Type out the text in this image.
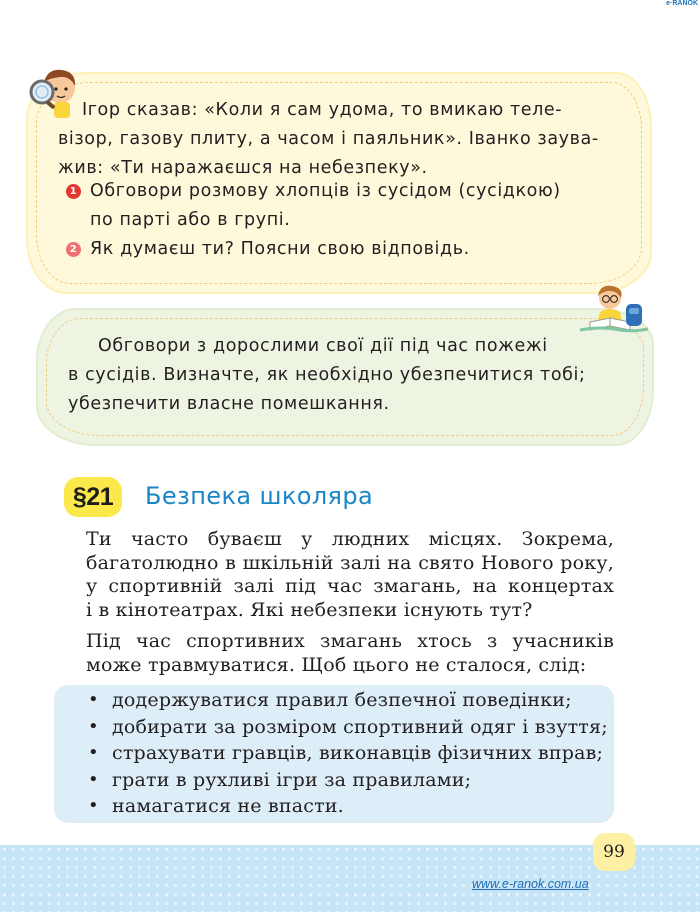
e·RANOK
Ігор сказав: «Коли я сам удома, то вмикаю теле-
візор, газову плиту, а часом і паяльник». Іванко заува-
жив: «Ти наражаєшся на небезпеку».
1 Обговори розмову хлопців із сусідом (сусідкою)
по парті або в групі.
2 Як думаєш ти? Поясни свою відповідь.
Обговори з дорослими свої дії під час пожежі
в сусідів. Визначте, як необхідно убезпечитися тобі;
убезпечити власне помешкання.
§21	Безпека школяра
Ти часто буваєш у людних місцях. Зокрема,
багатолюдно в шкільній залі на свято Нового року,
у спортивній залі під час змагань, на концертах
і в кінотеатрах. Які небезпеки існують тут?
Під час спортивних змагань хтось з учасників
може травмуватися. Щоб цього не сталося, слід:
• додержуватися правил безпечної поведінки;
• добирати за розміром спортивний одяг і взуття;
• страхувати гравців, виконавців фізичних вправ;
• грати в рухливі ігри за правилами;
• намагатися не впасти.
99
www.e-ranok.com.ua
